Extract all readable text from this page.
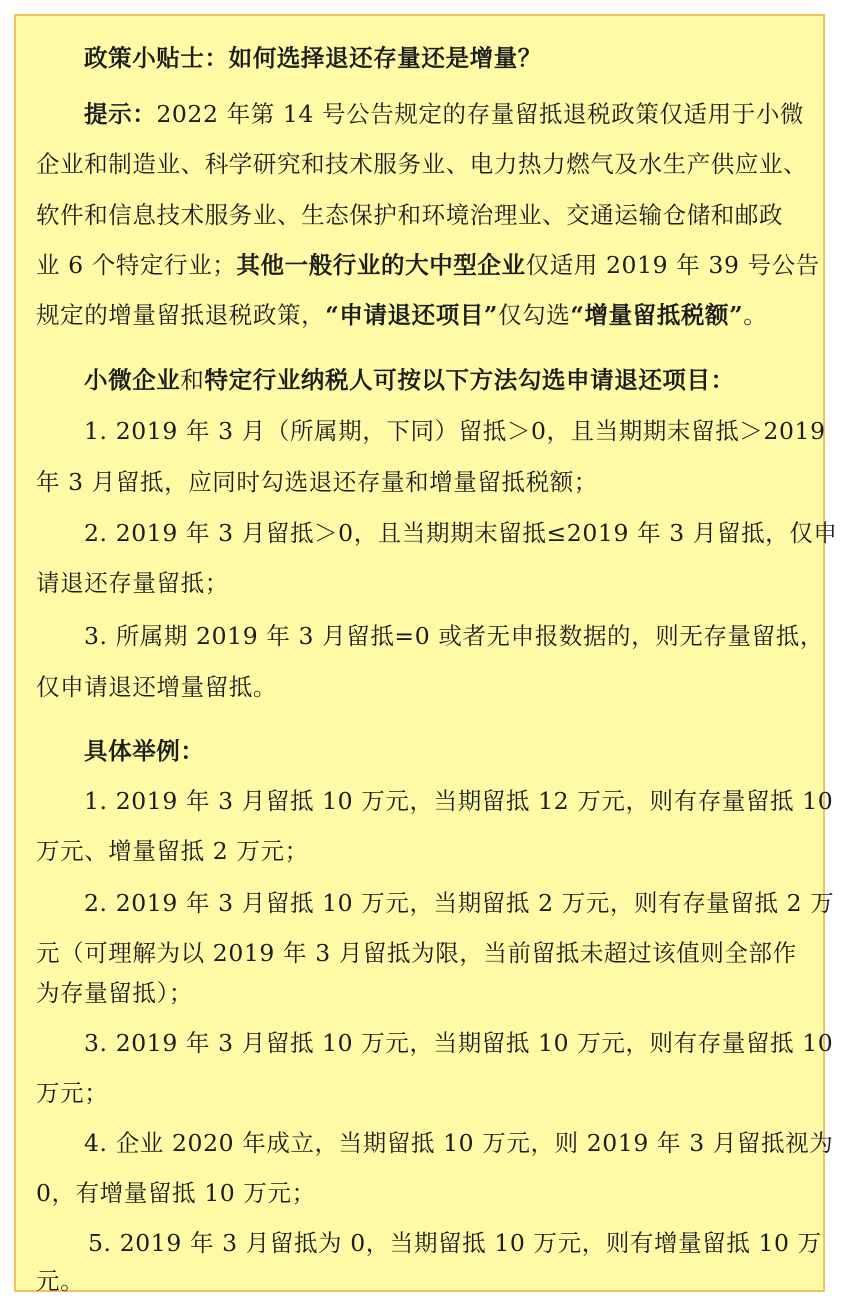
政策小贴士：如何选择退还存量还是增量？
提示：2022 年第 14 号公告规定的存量留抵退税政策仅适用于小微
企业和制造业、科学研究和技术服务业、电力热力燃气及水生产供应业、
软件和信息技术服务业、生态保护和环境治理业、交通运输仓储和邮政
业 6 个特定行业；其他一般行业的大中型企业仅适用 2019 年 39 号公告
规定的增量留抵退税政策，“申请退还项目”仅勾选“增量留抵税额”。
小微企业和特定行业纳税人可按以下方法勾选申请退还项目：
1. 2019 年 3 月（所属期，下同）留抵＞0，且当期期末留抵＞2019
年 3 月留抵，应同时勾选退还存量和增量留抵税额；
2. 2019 年 3 月留抵＞0，且当期期末留抵≤2019 年 3 月留抵，仅申
请退还存量留抵；
3. 所属期 2019 年 3 月留抵=0 或者无申报数据的，则无存量留抵，
仅申请退还增量留抵。
具体举例：
1. 2019 年 3 月留抵 10 万元，当期留抵 12 万元，则有存量留抵 10
万元、增量留抵 2 万元；
2. 2019 年 3 月留抵 10 万元，当期留抵 2 万元，则有存量留抵 2 万
元（可理解为以 2019 年 3 月留抵为限，当前留抵未超过该值则全部作
为存量留抵）；
3. 2019 年 3 月留抵 10 万元，当期留抵 10 万元，则有存量留抵 10
万元；
4. 企业 2020 年成立，当期留抵 10 万元，则 2019 年 3 月留抵视为
0，有增量留抵 10 万元；
5. 2019 年 3 月留抵为 0，当期留抵 10 万元，则有增量留抵 10 万
元。
